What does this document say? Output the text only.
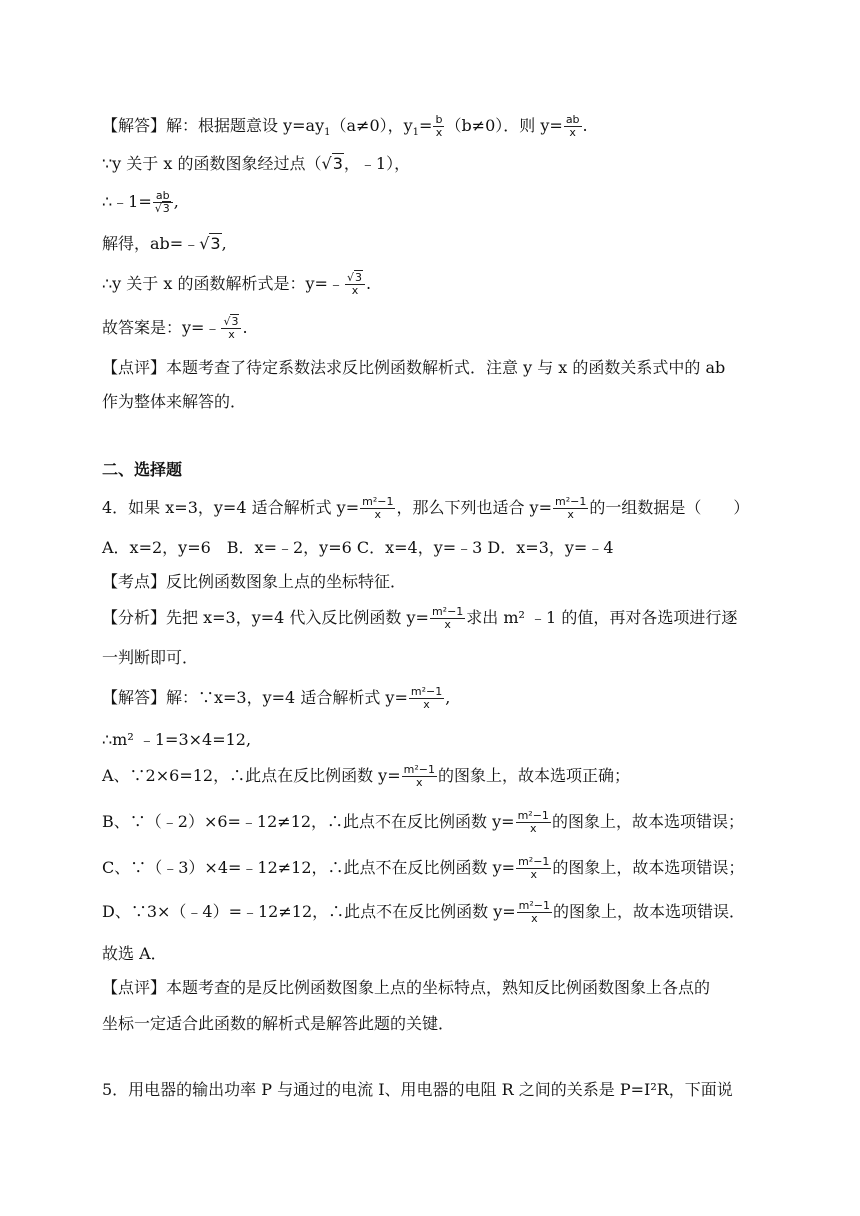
【解答】解：根据题意设 $y=ay_1(a\ne 0)$，$y_1= \frac{b}{x} (b\ne 0)$．则 $y= \frac{ab}{x}$ .
∵y 关于 x 的函数图象经过点（√3，﹣1），
∴﹣1= $\frac{ab}{√3}$ ,
解得，ab=﹣√3,
∴y 关于 x 的函数解析式是：y=﹣ $\frac{√3}{x}$ .
故答案是：y=﹣ $\frac{√3}{x}$ .
【点评】本题考查了待定系数法求反比例函数解析式．注意 y 与 x 的函数关系式中的 ab
作为整体来解答的．
二、选择题
4．如果 x=3，y=4 适合解析式 $y= \frac{\text{m²−1}}{x}$ ，那么下列也适合 $y= \frac{\text{m²−1}}{x}$ 的一组数据是（　　）
A．x=2，y=6　B．x=﹣2，y=6 C．x=4，y=﹣3 D．x=3，y=﹣4
【考点】反比例函数图象上点的坐标特征．
【分析】先把 x=3，y=4 代入反比例函数 $y= \frac{\text{m²−1}}{x}$ 求出 m² ﹣1 的值，再对各选项进行逐
一判断即可．
【解答】解：∵x=3，y=4 适合解析式 $y= \frac{\text{m²−1}}{x}$ ,
∴m² ﹣1=3×4=12,
A、∵2×6=12，∴此点在反比例函数 $y= \frac{\text{m²−1}}{x}$ 的图象上，故本选项正确；
B、∵（﹣2）×6=﹣12≠12，∴此点不在反比例函数 $y= \frac{\text{m²−1}}{x}$ 的图象上，故本选项错误；
C、∵（﹣3）×4=﹣12≠12，∴此点不在反比例函数 $y= \frac{\text{m²−1}}{x}$ 的图象上，故本选项错误；
D、∵3×（﹣4）=﹣12≠12，∴此点不在反比例函数 $y= \frac{\text{m²−1}}{x}$ 的图象上，故本选项错误．
故选 A．
【点评】本题考查的是反比例函数图象上点的坐标特点，熟知反比例函数图象上各点的
坐标一定适合此函数的解析式是解答此题的关键．
5．用电器的输出功率 P 与通过的电流 I、用电器的电阻 R 之间的关系是 P=I²R，下面说
